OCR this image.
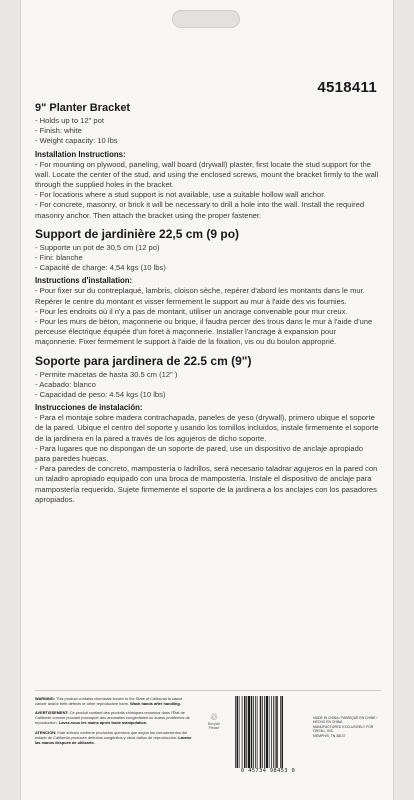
4518411

9" Planter Bracket

- Holds up to 12" pot

- Finish: white

- Weight capacity: 10 lbs

Installation Instructions:

- For mounting on plywood, paneling, wall board (drywall) plaster, first locate the stud support for the wall. Locate the center of the stud, and using the enclosed screws, mount the bracket firmly to the wall through the supplied holes in the bracket.

- For locations where a stud support is not available, use a suitable hollow wall anchor.

- For concrete, masonry, or brick it will be necessary to drill a hole into the wall. Install the required masonry anchor. Then attach the bracket using the proper fastener.

Support de jardinière 22,5 cm (9 po)

- Supporte un pot de 30,5 cm (12 po)

- Fini: blanche

- Capacité de charge: 4,54 kgs (10 lbs)

Instructions d'installation:

- Pour fixer sur du contreplaqué, lambris, cloison sèche, repérer d'abord les montants dans le mur. Repérer le centre du montant et visser fermement le support au mur à l'aide des vis fournies.

- Pour les endroits où il n'y a pas de montant, utiliser un ancrage convenable pour mur creux.

- Pour les murs de béton, maçonnerie ou brique, il faudra percer des trous dans le mur à l'aide d'une perceuse électrique équipée d'un foret à maçonnerie. Installer l'ancrage à expansion pour maçonnerie. Fixer fermement le support à l'aide de la fixation, vis ou du boulon approprié.

Soporte para jardinera de 22.5 cm (9")

- Permite macetas de hasta 30.5 cm (12" )

- Acabado: blanco

- Capacidad de peso: 4.54 kgs (10 lbs)

Instrucciones de instalación:

- Para el montaje sobre madera contrachapada, paneles de yeso (drywall), primero ubique el soporte de la pared. Ubique el centro del soporte y usando los tornillos incluidos, instale firmemente el soporte de la jardinera en la pared a través de los agujeros de dicho soporte.

- Para lugares que no dispongan de un soporte de pared, use un dispositivo de anclaje apropiado para paredes huecas.

- Para paredes de concreto, mampostería o ladrillos, será necesario taladrar agujeros en la pared con un taladro apropiado equipado con una broca de mampostería. Instale el dispositivo de anclaje para mampostería requerido. Sujete firmemente el soporte de la jardinera a los anclajes con los pasadores apropiados.

WARNING: This product contains chemicals known to the State of California to cause cancer and/or birth defects or other reproductive harm. Wash hands after handling.
AVERTISSEMENT: Ce produit contient des produits chimiques reconnus dans l'État de Californie comme pouvant provoquer des anomalies congénitales ou autres problèmes de reproduction. Lavez-vous les mains après toute manipulation.
ATENCIÓN: Este artículo contiene productos químicos que según los conocimientos del estado de California producen defectos congénitos y otros daños de reproducción. Lávese las manos después de utilizarlo.
♲
Recycle Please
0 45734 98453 0
MADE IN CHINA / FABRIQUÉ EN CHINE / HECHO EN CHINA
MANUFACTURED EXCLUSIVELY FOR ORGILL, INC.
MEMPHIS, TN 38137
